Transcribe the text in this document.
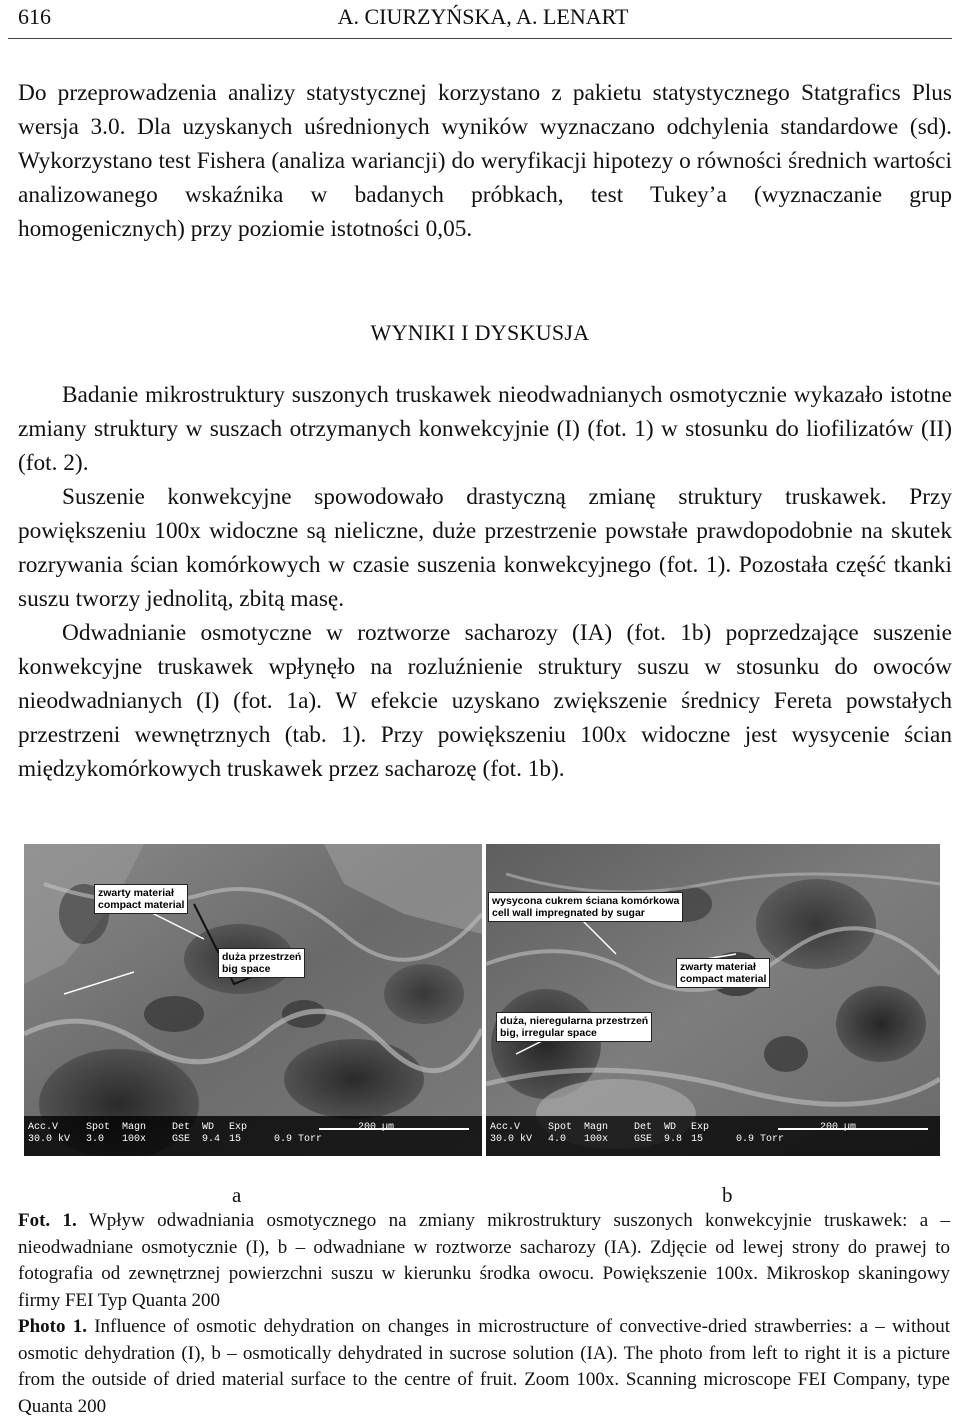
616	A. CIURZYŃSKA, A. LENART

Do przeprowadzenia analizy statystycznej korzystano z pakietu statystycznego Statgrafics Plus wersja 3.0. Dla uzyskanych uśrednionych wyników wyznaczano odchylenia standardowe (sd). Wykorzystano test Fishera (analiza wariancji) do weryfikacji hipotezy o równości średnich wartości analizowanego wskaźnika w badanych próbkach, test Tukey’a (wyznaczanie grup homogenicznych) przy poziomie istotności 0,05.

WYNIKI I DYSKUSJA

Badanie mikrostruktury suszonych truskawek nieodwadnianych osmotycznie wykazało istotne zmiany struktury w suszach otrzymanych konwekcyjnie (I) (fot. 1) w stosunku do liofilizatów (II) (fot. 2).

Suszenie konwekcyjne spowodowało drastyczną zmianę struktury truskawek. Przy powiększeniu 100x widoczne są nieliczne, duże przestrzenie powstałe prawdopodobnie na skutek rozrywania ścian komórkowych w czasie suszenia konwekcyjnego (fot. 1). Pozostała część tkanki suszu tworzy jednolitą, zbitą masę.

Odwadnianie osmotyczne w roztworze sacharozy (IA) (fot. 1b) poprzedzające suszenie konwekcyjne truskawek wpłynęło na rozluźnienie struktury suszu w stosunku do owoców nieodwadnianych (I) (fot. 1a). W efekcie uzyskano zwiększenie średnicy Fereta powstałych przestrzeni wewnętrznych (tab. 1). Przy powiększeniu 100x widoczne jest wysycenie ścian międzykomórkowych truskawek przez sacharozę (fot. 1b).

zwarty materiał
compact material
duża przestrzeń
big space
Acc.V
30.0 kV
Spot
3.0
Magn
100x
Det
GSE
WD
9.4
Exp
15	0.9 Torr
wysycona cukrem ściana komórkowa
cell wall impregnated by sugar
zwarty materiał
compact material
duża, nieregularna przestrzeń
big, irregular space
Acc.V
30.0 kV
Spot
4.0
Magn
100x
Det
GSE
WD
9.8
Exp
15	0.9 Torr
a	b
Fot. 1. Wpływ odwadniania osmotycznego na zmiany mikrostruktury suszonych konwekcyjnie truskawek: a – nieodwadniane osmotycznie (I), b – odwadniane w roztworze sacharozy (IA). Zdjęcie od lewej strony do prawej to fotografia od zewnętrznej powierzchni suszu w kierunku środka owocu. Powiększenie 100x. Mikroskop skaningowy firmy FEI Typ Quanta 200
Photo 1. Influence of osmotic dehydration on changes in microstructure of convective-dried strawberries: a – without osmotic dehydration (I), b – osmotically dehydrated in sucrose solution (IA). The photo from left to right it is a picture from the outside of dried material surface to the centre of fruit. Zoom 100x. Scanning microscope FEI Company, type Quanta 200
